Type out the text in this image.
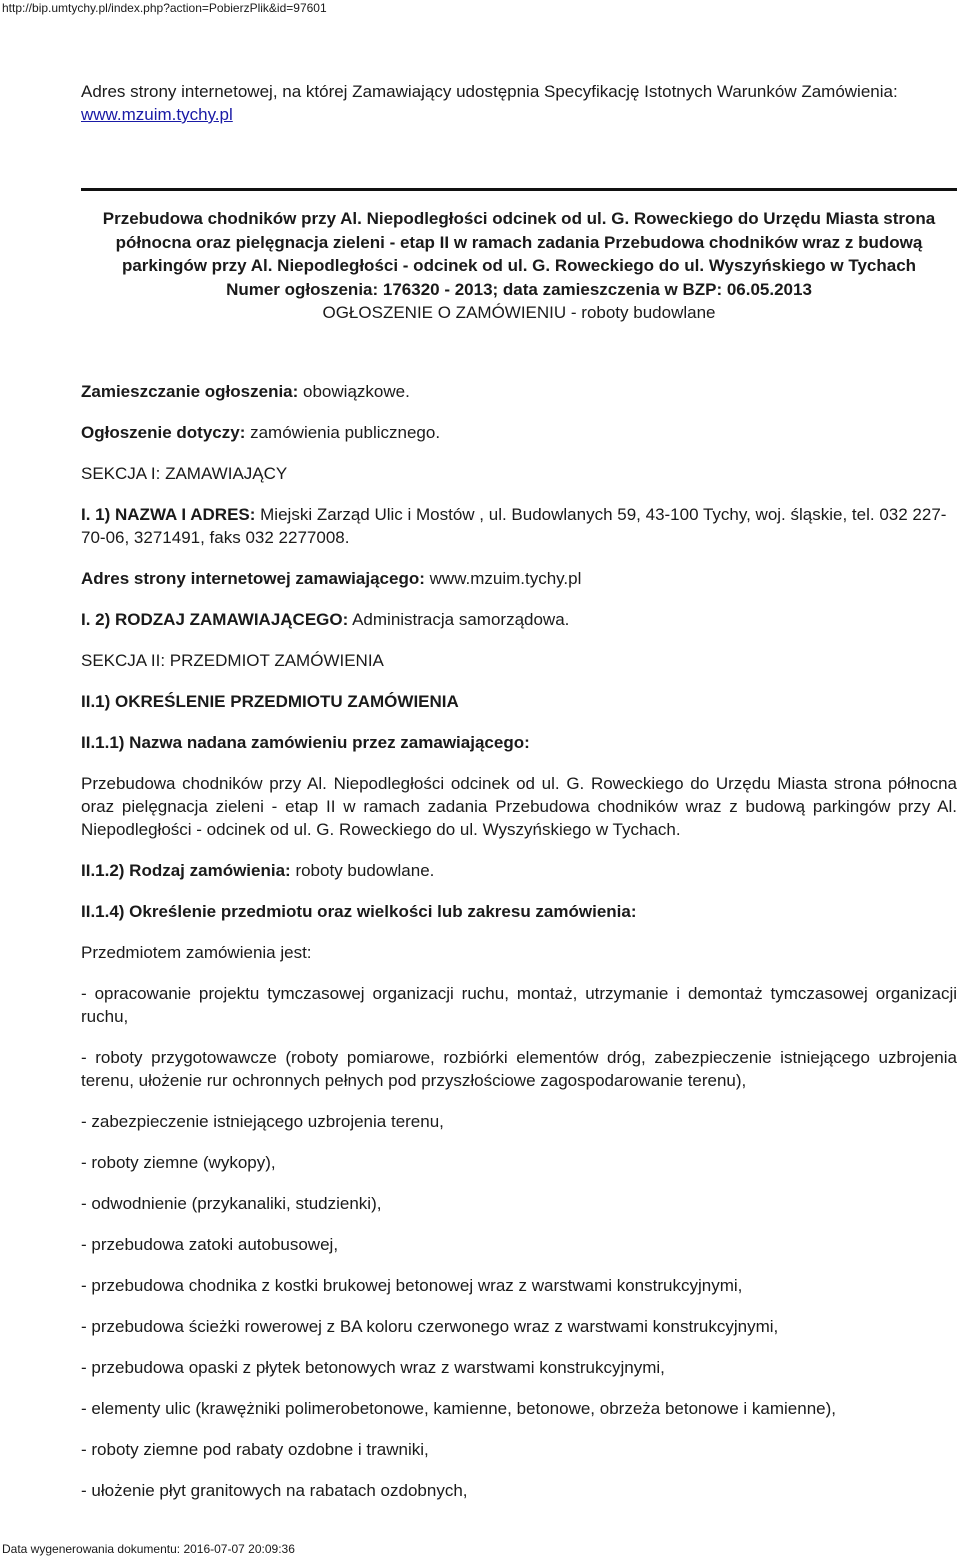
http://bip.umtychy.pl/index.php?action=PobierzPlik&id=97601

Adres strony internetowej, na której Zamawiający udostępnia Specyfikację Istotnych Warunków Zamówienia:

www.mzuim.tychy.pl

Przebudowa chodników przy Al. Niepodległości odcinek od ul. G. Roweckiego do Urzędu Miasta strona północna oraz pielęgnacja zieleni - etap II w ramach zadania Przebudowa chodników wraz z budową parkingów przy Al. Niepodległości - odcinek od ul. G. Roweckiego do ul. Wyszyńskiego w Tychach
Numer ogłoszenia: 176320 - 2013; data zamieszczenia w BZP: 06.05.2013
OGŁOSZENIE O ZAMÓWIENIU - roboty budowlane

Zamieszczanie ogłoszenia: obowiązkowe.

Ogłoszenie dotyczy: zamówienia publicznego.

SEKCJA I: ZAMAWIAJĄCY

I. 1) NAZWA I ADRES: Miejski Zarząd Ulic i Mostów , ul. Budowlanych 59, 43-100 Tychy, woj. śląskie, tel. 032 227-70-06, 3271491, faks 032 2277008.

Adres strony internetowej zamawiającego: www.mzuim.tychy.pl

I. 2) RODZAJ ZAMAWIAJĄCEGO: Administracja samorządowa.

SEKCJA II: PRZEDMIOT ZAMÓWIENIA

II.1) OKREŚLENIE PRZEDMIOTU ZAMÓWIENIA

II.1.1) Nazwa nadana zamówieniu przez zamawiającego:

Przebudowa chodników przy Al. Niepodległości odcinek od ul. G. Roweckiego do Urzędu Miasta strona północna oraz pielęgnacja zieleni - etap II w ramach zadania Przebudowa chodników wraz z budową parkingów przy Al. Niepodległości - odcinek od ul. G. Roweckiego do ul. Wyszyńskiego w Tychach.

II.1.2) Rodzaj zamówienia: roboty budowlane.

II.1.4) Określenie przedmiotu oraz wielkości lub zakresu zamówienia:

Przedmiotem zamówienia jest:

- opracowanie projektu tymczasowej organizacji ruchu, montaż, utrzymanie i demontaż tymczasowej organizacji ruchu,

- roboty przygotowawcze (roboty pomiarowe, rozbiórki elementów dróg, zabezpieczenie istniejącego uzbrojenia terenu, ułożenie rur ochronnych pełnych pod przyszłościowe zagospodarowanie terenu),

- zabezpieczenie istniejącego uzbrojenia terenu,

- roboty ziemne (wykopy),

- odwodnienie (przykanaliki, studzienki),

- przebudowa zatoki autobusowej,

- przebudowa chodnika z kostki brukowej betonowej wraz z warstwami konstrukcyjnymi,

- przebudowa ścieżki rowerowej z BA koloru czerwonego wraz z warstwami konstrukcyjnymi,

- przebudowa opaski z płytek betonowych wraz z warstwami konstrukcyjnymi,

- elementy ulic (krawężniki polimerobetonowe, kamienne, betonowe, obrzeża betonowe i kamienne),

- roboty ziemne pod rabaty ozdobne i trawniki,

- ułożenie płyt granitowych na rabatach ozdobnych,

Data wygenerowania dokumentu: 2016-07-07 20:09:36
